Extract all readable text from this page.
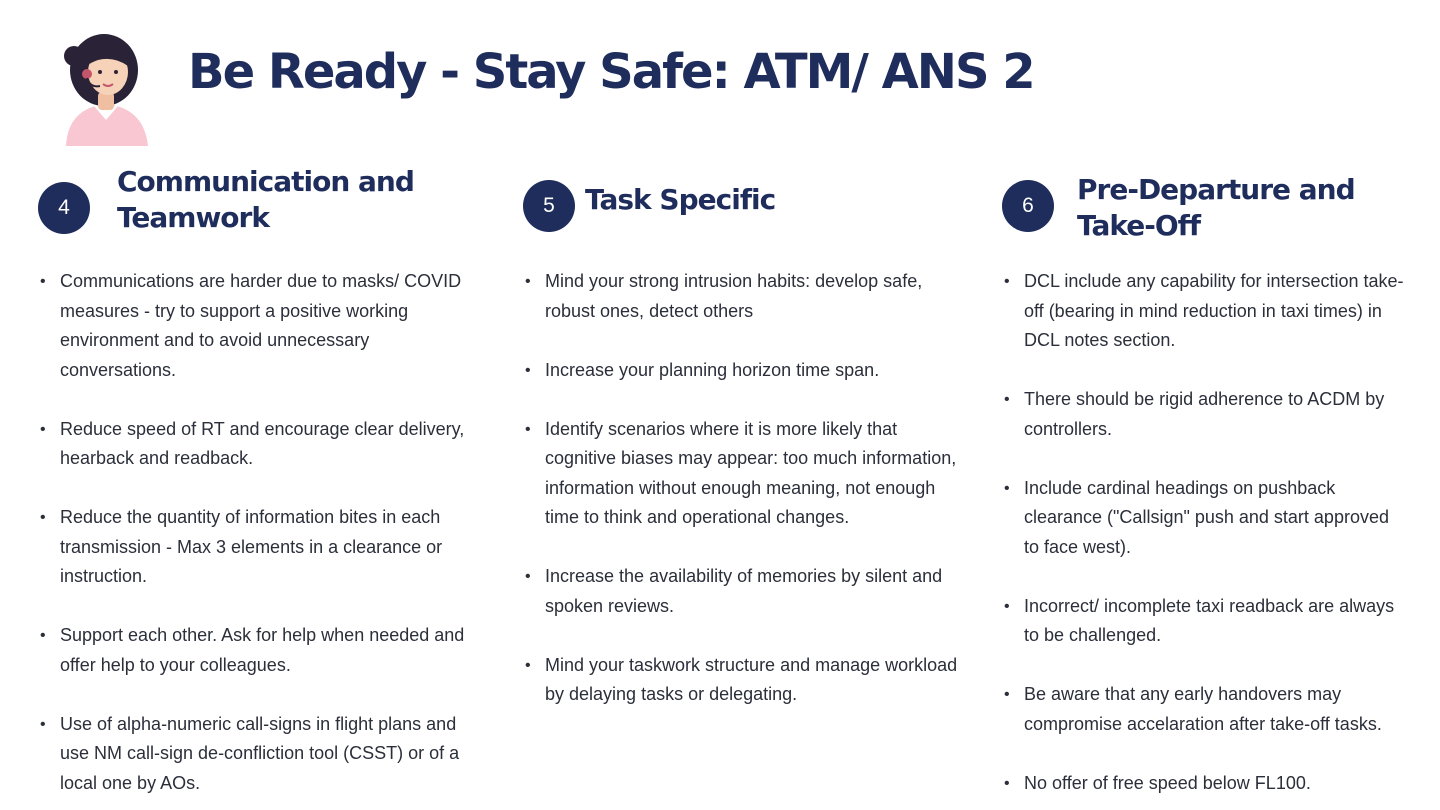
Be Ready - Stay Safe: ATM/ ANS 2
4
Communication and Teamwork
• Communications are harder due to masks/ COVID measures - try to support a positive working environment and to avoid unnecessary conversations.
• Reduce speed of RT and encourage clear delivery, hearback and readback.
• Reduce the quantity of information bites in each transmission - Max 3 elements in a clearance or instruction.
• Support each other. Ask for help when needed and offer help to your colleagues.
• Use of alpha-numeric call-signs in flight plans and use NM call-sign de-confliction tool (CSST) or of a local one by AOs.
5	Task Specific
• Mind your strong intrusion habits: develop safe, robust ones, detect others
• Increase your planning horizon time span.
• Identify scenarios where it is more likely that cognitive biases may appear: too much information, information without enough meaning, not enough time to think and operational changes.
• Increase the availability of memories by silent and spoken reviews.
• Mind your taskwork structure and manage workload by delaying tasks or delegating.
6	Pre-Departure and Take-Off
• DCL include any capability for intersection take-off (bearing in mind reduction in taxi times) in DCL notes section.
• There should be rigid adherence to ACDM by controllers.
• Include cardinal headings on pushback clearance ("Callsign" push and start approved to face west).
• Incorrect/ incomplete taxi readback are always to be challenged.
• Be aware that any early handovers may compromise accelaration after take-off tasks.
• No offer of free speed below FL100.
